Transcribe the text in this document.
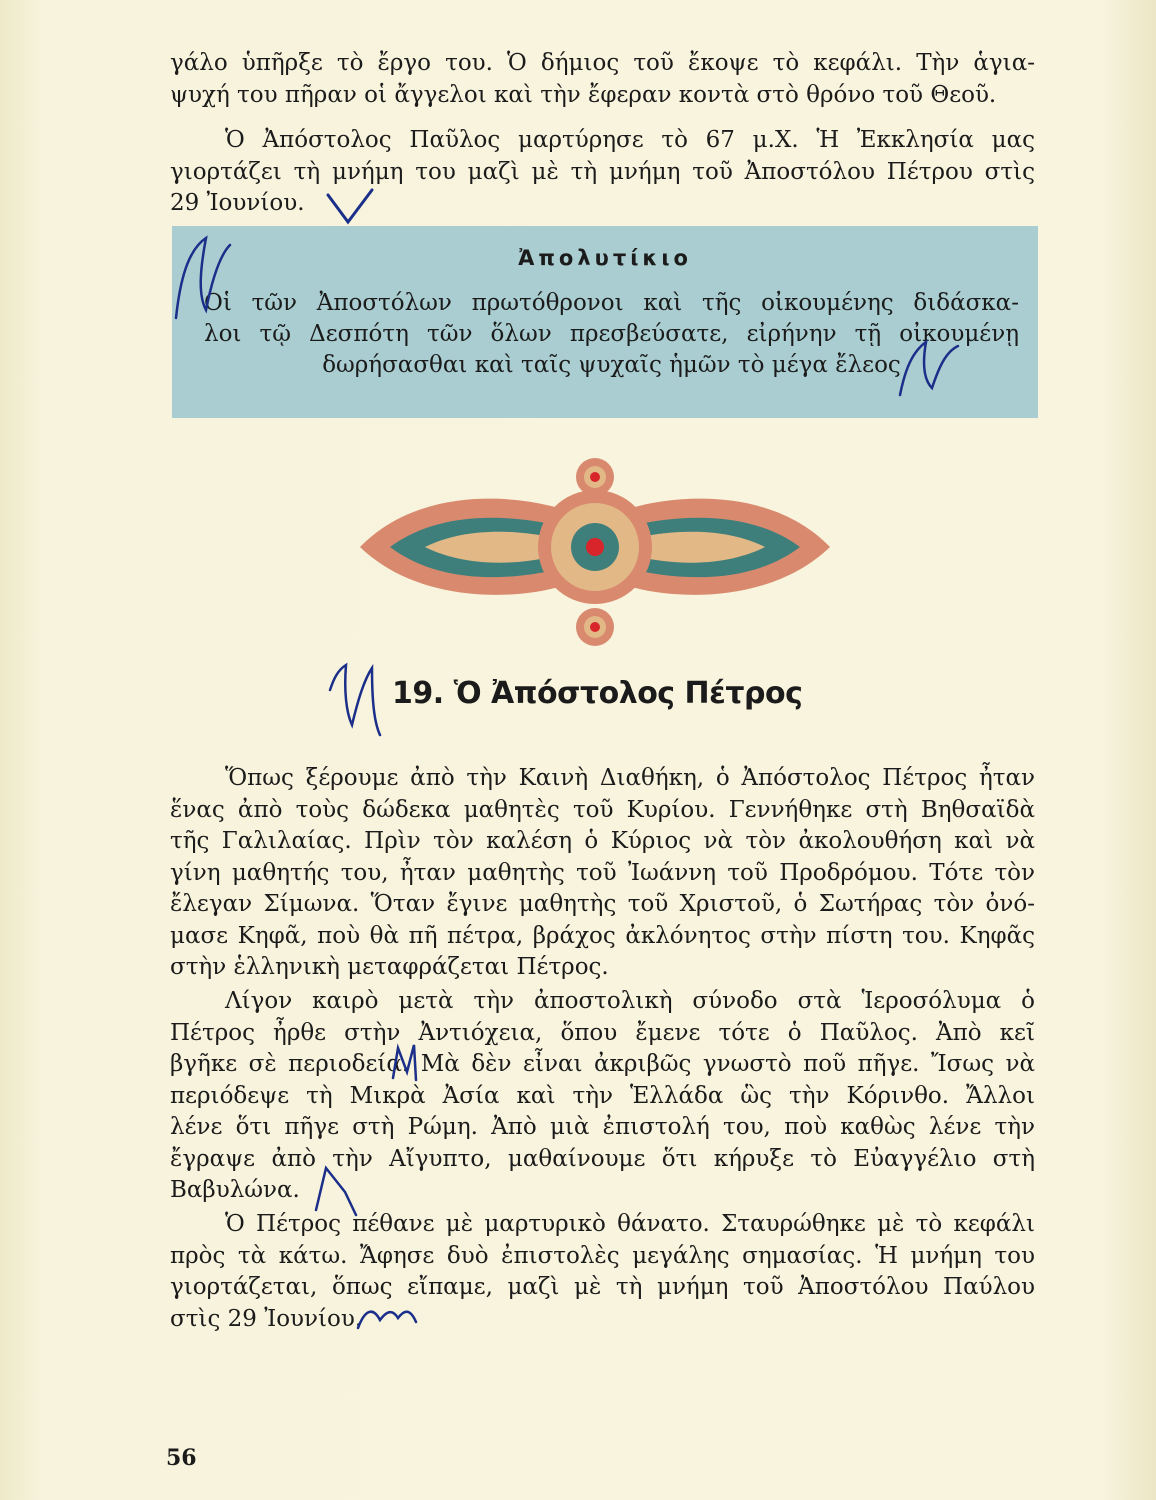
γάλο ὑπῆρξε τὸ ἔργο του. Ὁ δήμιος τοῦ ἔκοψε τὸ κεφάλι. Τὴν ἁγια-
ψυχή του πῆραν οἱ ἄγγελοι καὶ τὴν ἔφεραν κοντὰ στὸ θρόνο τοῦ Θεοῦ.

Ὁ Ἀπόστολος Παῦλος μαρτύρησε τὸ 67 μ.Χ. Ἡ Ἐκκλησία μας
γιορτάζει τὴ μνήμη του μαζὶ μὲ τὴ μνήμη τοῦ Ἀποστόλου Πέτρου στὶς
29 Ἰουνίου.

Ἀπολυτίκιο

Οἱ τῶν Ἀποστόλων πρωτόθρονοι καὶ τῆς οἰκουμένης διδάσκα-
λοι τῷ Δεσπότη τῶν ὅλων πρεσβεύσατε, εἰρήνην τῇ οἰκουμένῃ
δωρήσασθαι καὶ ταῖς ψυχαῖς ἡμῶν τὸ μέγα ἔλεος

19. Ὁ Ἀπόστολος Πέτρος

Ὅπως ξέρουμε ἀπὸ τὴν Καινὴ Διαθήκη, ὁ Ἀπόστολος Πέτρος ἦταν
ἕνας ἀπὸ τοὺς δώδεκα μαθητὲς τοῦ Κυρίου. Γεννήθηκε στὴ Βηθσαϊδὰ
τῆς Γαλιλαίας. Πρὶν τὸν καλέση ὁ Κύριος νὰ τὸν ἀκολουθήση καὶ νὰ
γίνη μαθητής του, ἦταν μαθητὴς τοῦ Ἰωάννη τοῦ Προδρόμου. Τότε τὸν
ἔλεγαν Σίμωνα. Ὅταν ἔγινε μαθητὴς τοῦ Χριστοῦ, ὁ Σωτήρας τὸν ὀνό-
μασε Κηφᾶ, ποὺ θὰ πῆ πέτρα, βράχος ἀκλόνητος στὴν πίστη του. Κηφᾶς
στὴν ἑλληνικὴ μεταφράζεται Πέτρος.

Λίγον καιρὸ μετὰ τὴν ἀποστολικὴ σύνοδο στὰ Ἱεροσόλυμα ὁ
Πέτρος ἦρθε στὴν Ἀντιόχεια, ὅπου ἔμενε τότε ὁ Παῦλος. Ἀπὸ κεῖ
βγῆκε σὲ περιοδεία. Μὰ δὲν εἶναι ἀκριβῶς γνωστὸ ποῦ πῆγε. Ἴσως νὰ
περιόδεψε τὴ Μικρὰ Ἀσία καὶ τὴν Ἑλλάδα ὣς τὴν Κόρινθο. Ἄλλοι
λένε ὅτι πῆγε στὴ Ρώμη. Ἀπὸ μιὰ ἐπιστολή του, ποὺ καθὼς λένε τὴν
ἔγραψε ἀπὸ τὴν Αἴγυπτο, μαθαίνουμε ὅτι κήρυξε τὸ Εὐαγγέλιο στὴ
Βαβυλώνα.

Ὁ Πέτρος πέθανε μὲ μαρτυρικὸ θάνατο. Σταυρώθηκε μὲ τὸ κεφάλι
πρὸς τὰ κάτω. Ἄφησε δυὸ ἐπιστολὲς μεγάλης σημασίας. Ἡ μνήμη του
γιορτάζεται, ὅπως εἴπαμε, μαζὶ μὲ τὴ μνήμη τοῦ Ἀποστόλου Παύλου
στὶς 29 Ἰουνίου.

56
